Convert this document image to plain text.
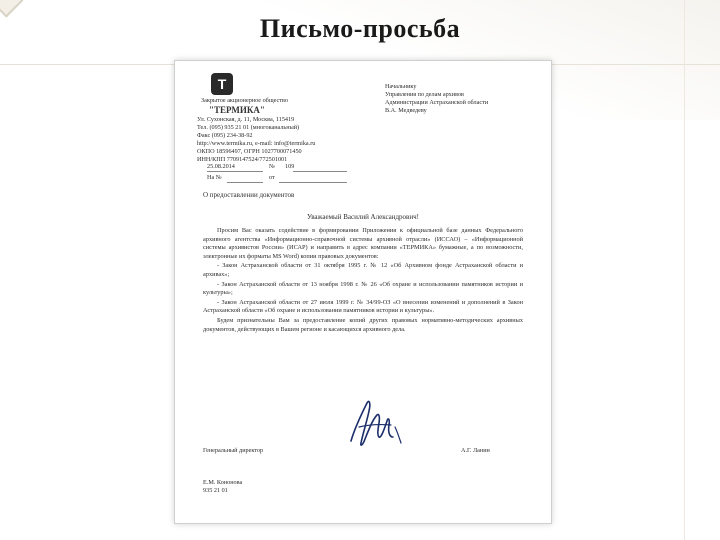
Письмо-просьба
T
Закрытое акционерное общество
"ТЕРМИКА"
Ул. Сухонская, д. 11, Москва, 115419
Тел. (095) 935 21 01 (многоканальный)
Факс (095) 234-38-92
http://www.termika.ru, e-mail: info@termika.ru
ОКПО 18596497, ОГРН 1027700071450
ИНН/КПП 7709147524/772501001
Начальнику
Управления по делам архивов
Администрации Астраханской области
В.А. Медведеву
25.08.2014	№ 109
На №	от
О предоставлении документов
Уважаемый Василий Александрович!

Просим Вас оказать содействие в формировании Приложения к официальной базе данных Федерального архивного агентства «Информационно-справочной системы архивной отрасли» (ИССАО) – «Информационной системы архивистов России» (ИСАР) и направить в адрес компании «ТЕРМИКА» бумажные, а по возможности, электронные их форматы MS Word) копии правовых документов:

- Закон Астраханской области от 31 октября 1995 г. № 12 «Об Архивном фонде Астраханской области и архивах»;

- Закон Астраханской области от 13 ноября 1998 г. № 26 «Об охране и использовании памятников истории и культуры»;

- Закон Астраханской области от 27 июля 1999 г. № 34/99-ОЗ «О внесении изменений и дополнений в Закон Астраханской области «Об охране и использовании памятников истории и культуры».

Будем признательны Вам за предоставление копий других правовых нормативно-методических архивных документов, действующих в Вашем регионе и касающихся архивного дела.

Генеральный директор	А.Г. Ланин
Е.М. Кононова
935 21 01
